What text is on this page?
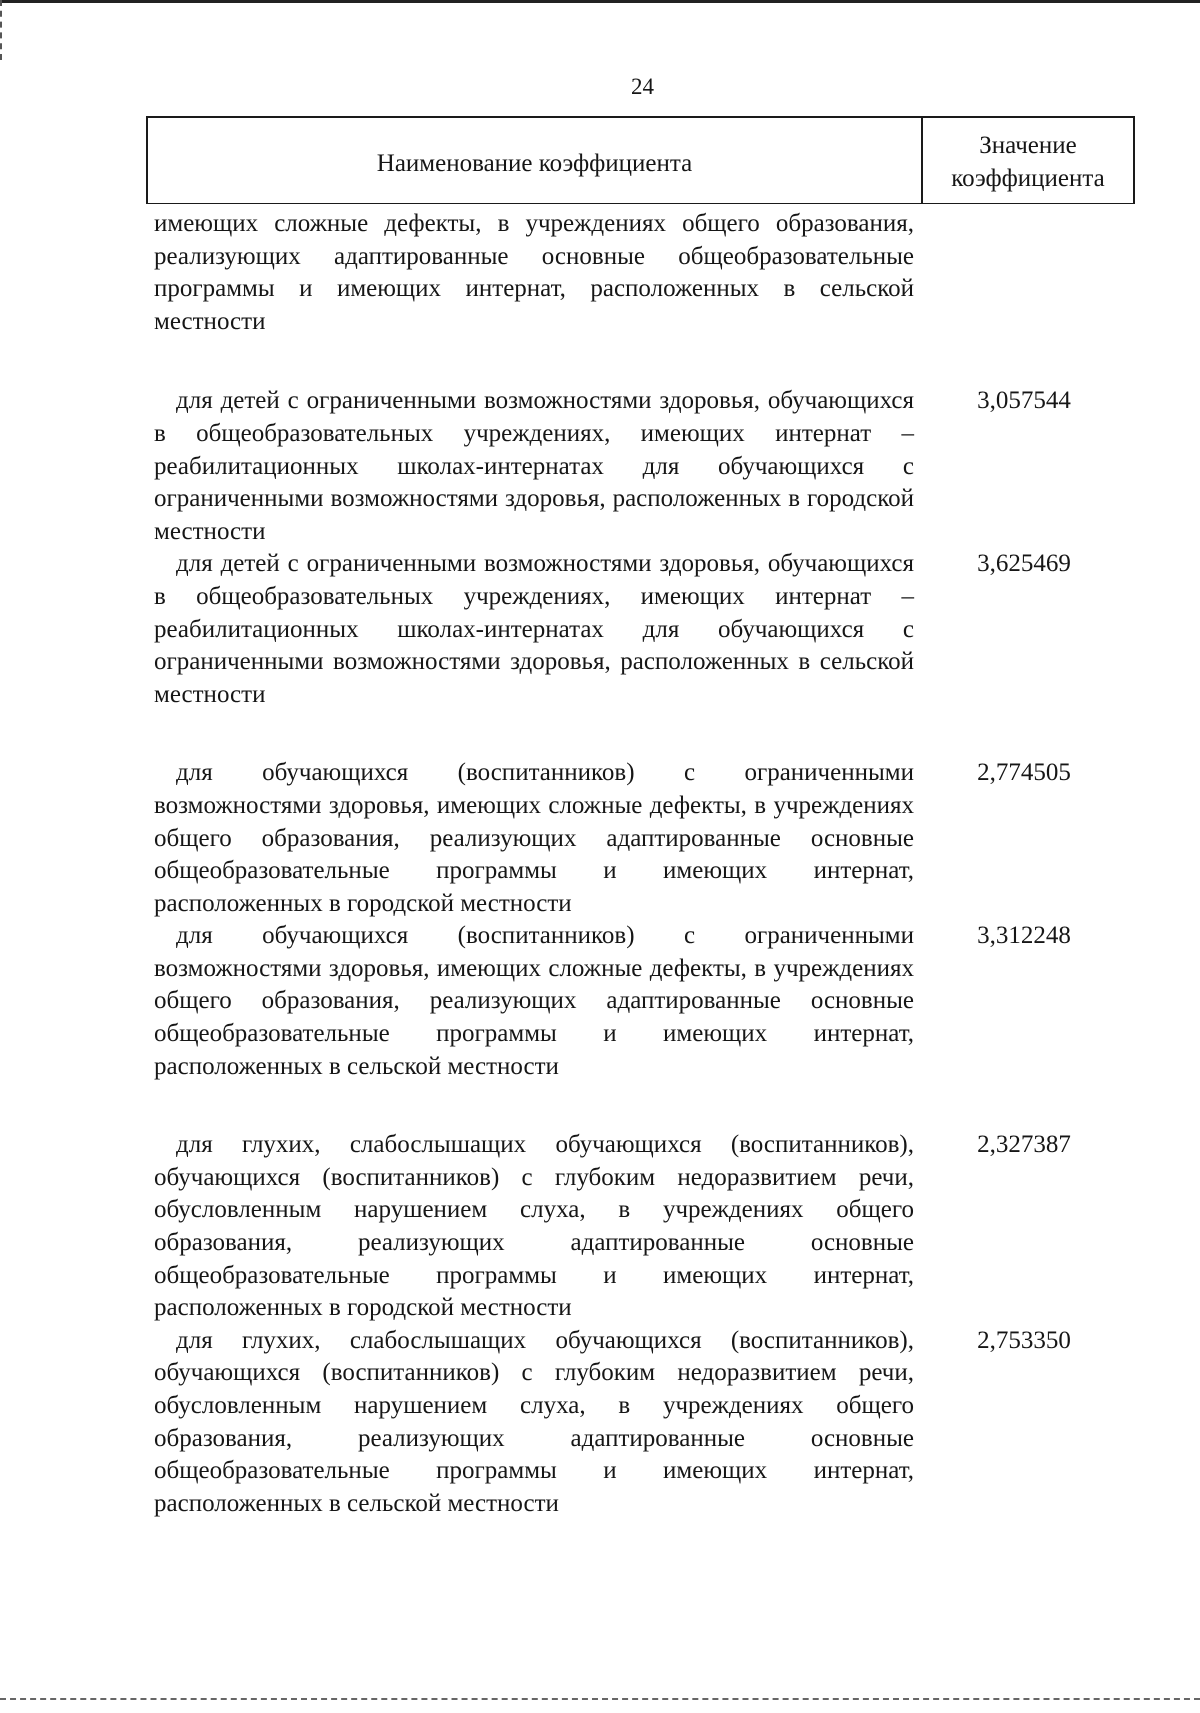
24
Наименование коэффициента
Значение
коэффициента
имеющих сложные дефекты, в учреждениях общего образования, реализующих адаптированные основные общеобразовательные программы и имеющих интернат, расположенных в сельской местности
для детей с ограниченными возможностями здоровья, обучающихся в общеобразовательных учреждениях, имеющих интернат – реабилитационных школах-интернатах для обучающихся с ограниченными возможностями здоровья, расположенных в городской местности
3,057544
для детей с ограниченными возможностями здоровья, обучающихся в общеобразовательных учреждениях, имеющих интернат – реабилитационных школах-интернатах для обучающихся с ограниченными возможностями здоровья, расположенных в сельской местности
3,625469
для обучающихся (воспитанников) с ограниченными возможностями здоровья, имеющих сложные дефекты, в учреждениях общего образования, реализующих адаптированные основные общеобразовательные программы и имеющих интернат, расположенных в городской местности
2,774505
для обучающихся (воспитанников) с ограниченными возможностями здоровья, имеющих сложные дефекты, в учреждениях общего образования, реализующих адаптированные основные общеобразовательные программы и имеющих интернат, расположенных в сельской местности
3,312248
для глухих, слабослышащих обучающихся (воспитанников), обучающихся (воспитанников) с глубоким недоразвитием речи, обусловленным нарушением слуха, в учреждениях общего образования, реализующих адаптированные основные общеобразовательные программы и имеющих интернат, расположенных в городской местности
2,327387
для глухих, слабослышащих обучающихся (воспитанников), обучающихся (воспитанников) с глубоким недоразвитием речи, обусловленным нарушением слуха, в учреждениях общего образования, реализующих адаптированные основные общеобразовательные программы и имеющих интернат, расположенных в сельской местности
2,753350
